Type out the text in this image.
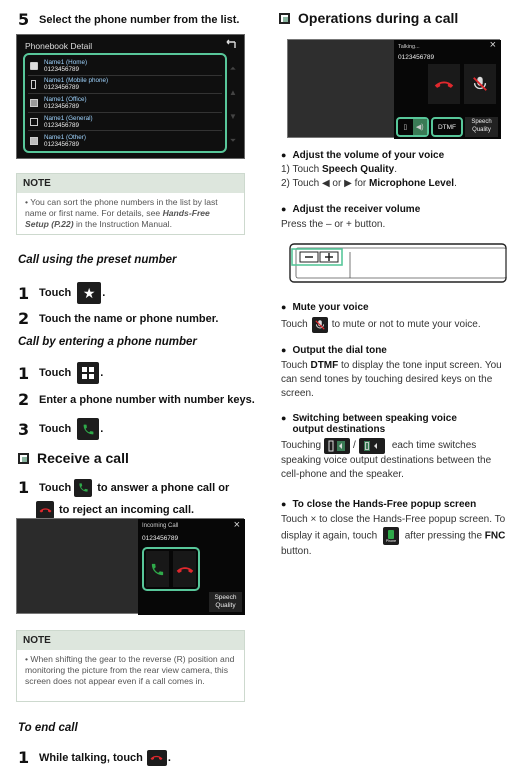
5 Select the phone number from the list.
Phonebook Detail
Name1 (Home)
0123456789
Name1 (Mobile phone)
0123456789
Name1 (Office)
0123456789
Name1 (General)
0123456789
Name1 (Other)
0123456789
⏶
▲
▼
⏷
NOTE
• You can sort the phone numbers in the list by last name or first name. For details, see Hands-Free Setup (P.22) in the Instruction Manual.
Call using the preset number
1 Touch ★ .
2 Touch the name or phone number.
Call by entering a phone number
1 Touch	.
2 Enter a phone number with number keys.
3 Touch	.
Receive a call
1 Touch to answer a phone call or
to reject an incoming call.
Incoming Call	×
0123456789
Speech Quality
NOTE
• When shifting the gear to the reverse (R) position and monitoring the picture from the rear view camera, this screen does not appear even if a call comes in.
To end call
1 While talking, touch .
Operations during a call
Talking...	×
0123456789
▯	◀)	DTMF
Speech Quality
● Adjust the volume of your voice
1) Touch Speech Quality.
2) Touch ◀ or ▶ for Microphone Level.
● Adjust the receiver volume
Press the – or + button.
● Mute your voice
Touch to mute or not to mute your voice.
● Output the dial tone
Touch DTMF to display the tone input screen. You can send tones by touching desired keys on the screen.
● Switching between speaking voice
output destinations
Touching	/	each time switches
speaking voice output destinations between the cell-phone and the speaker.
● To close the Hands-Free popup screen
Touch × to close the Hands-Free popup screen. To display it again, touch Phone after pressing the FNC button.
